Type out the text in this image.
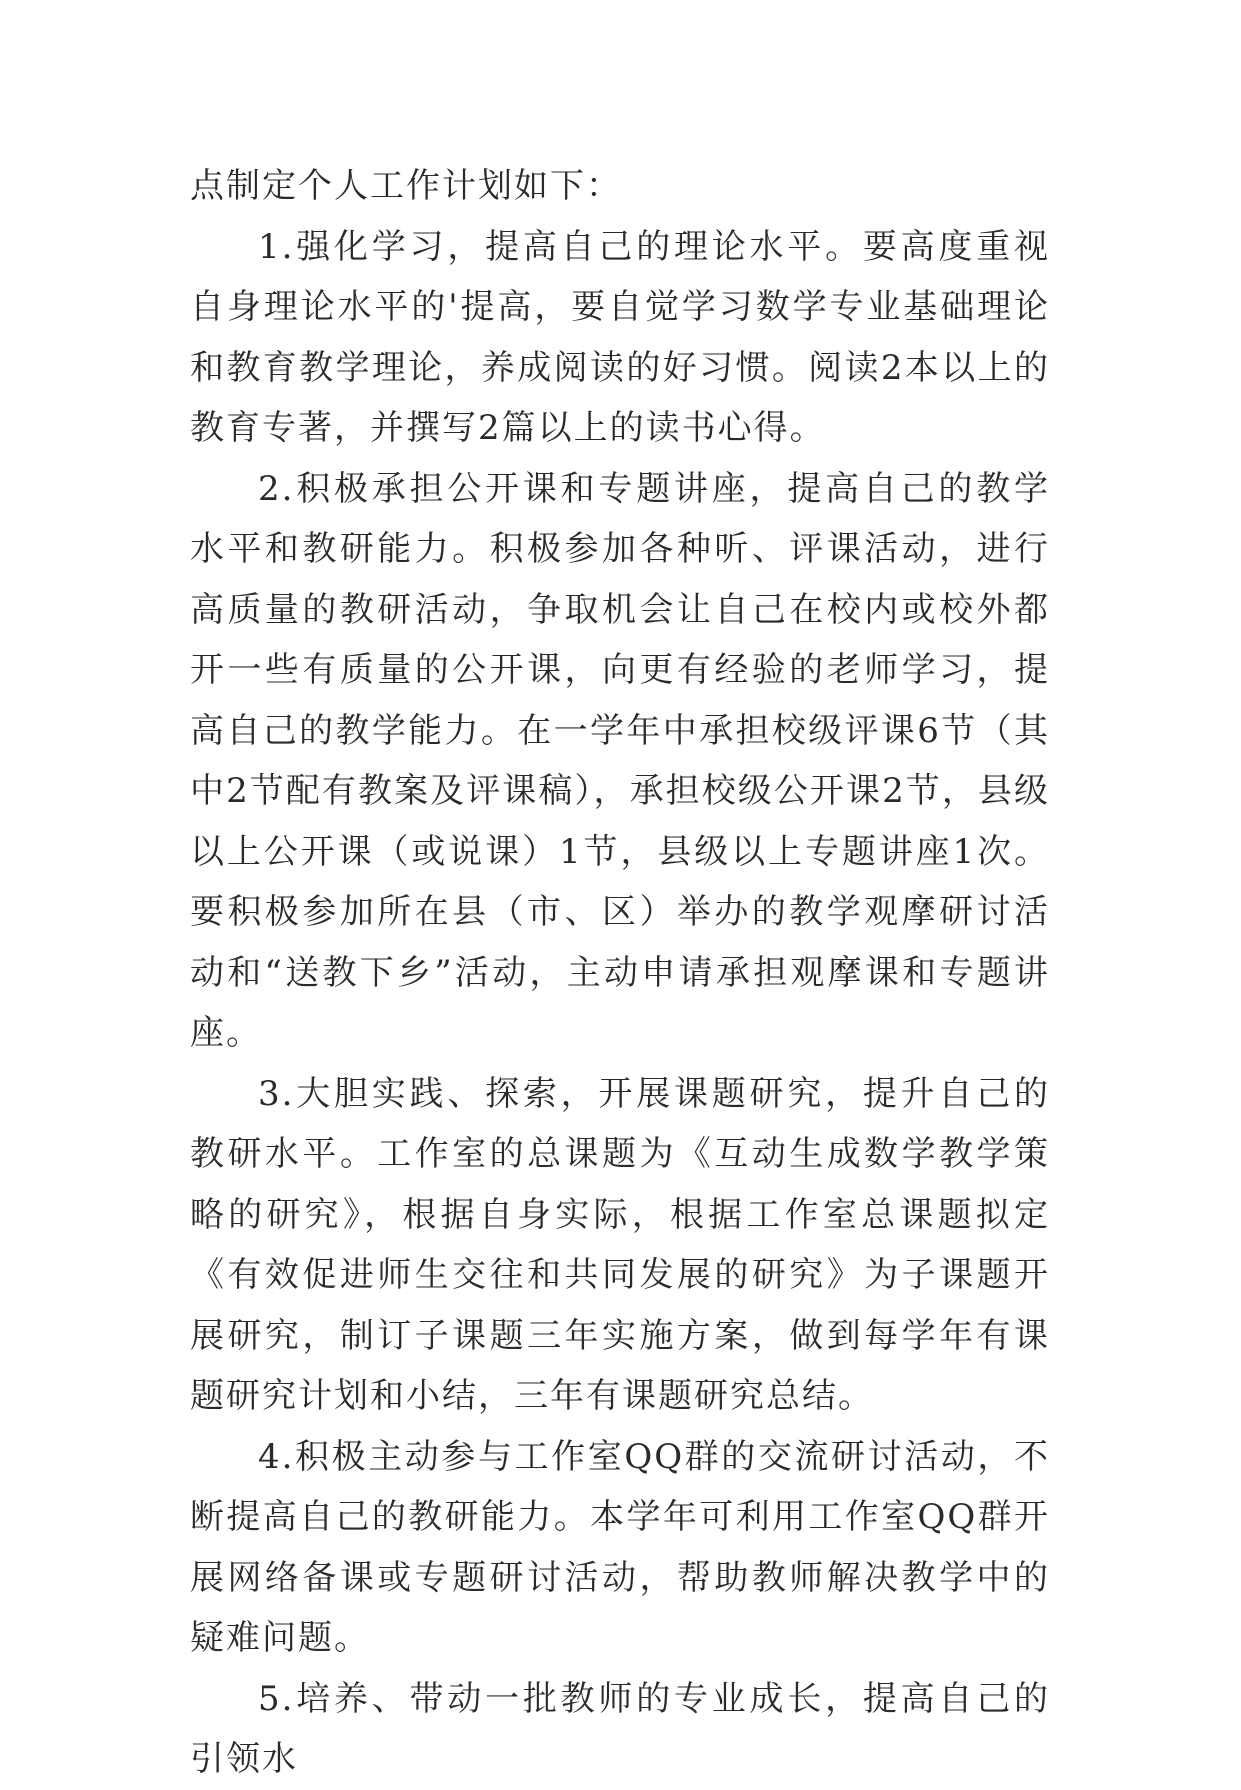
点制定个人工作计划如下：

1.强化学习，提高自己的理论水平。要高度重视自身理论水平的'提高，要自觉学习数学专业基础理论和教育教学理论，养成阅读的好习惯。阅读2本以上的教育专著，并撰写2篇以上的读书心得。

2.积极承担公开课和专题讲座，提高自己的教学水平和教研能力。积极参加各种听、评课活动，进行高质量的教研活动，争取机会让自己在校内或校外都开一些有质量的公开课，向更有经验的老师学习，提高自己的教学能力。在一学年中承担校级评课6节（其中2节配有教案及评课稿），承担校级公开课2节，县级以上公开课（或说课）1节，县级以上专题讲座1次。要积极参加所在县（市、区）举办的教学观摩研讨活动和“送教下乡”活动，主动申请承担观摩课和专题讲座。

3.大胆实践、探索，开展课题研究，提升自己的教研水平。工作室的总课题为《互动生成数学教学策略的研究》，根据自身实际，根据工作室总课题拟定《有效促进师生交往和共同发展的研究》为子课题开展研究，制订子课题三年实施方案，做到每学年有课题研究计划和小结，三年有课题研究总结。

4.积极主动参与工作室QQ群的交流研讨活动，不断提高自己的教研能力。本学年可利用工作室QQ群开展网络备课或专题研讨活动，帮助教师解决教学中的疑难问题。

5.培养、带动一批教师的专业成长，提高自己的引领水
